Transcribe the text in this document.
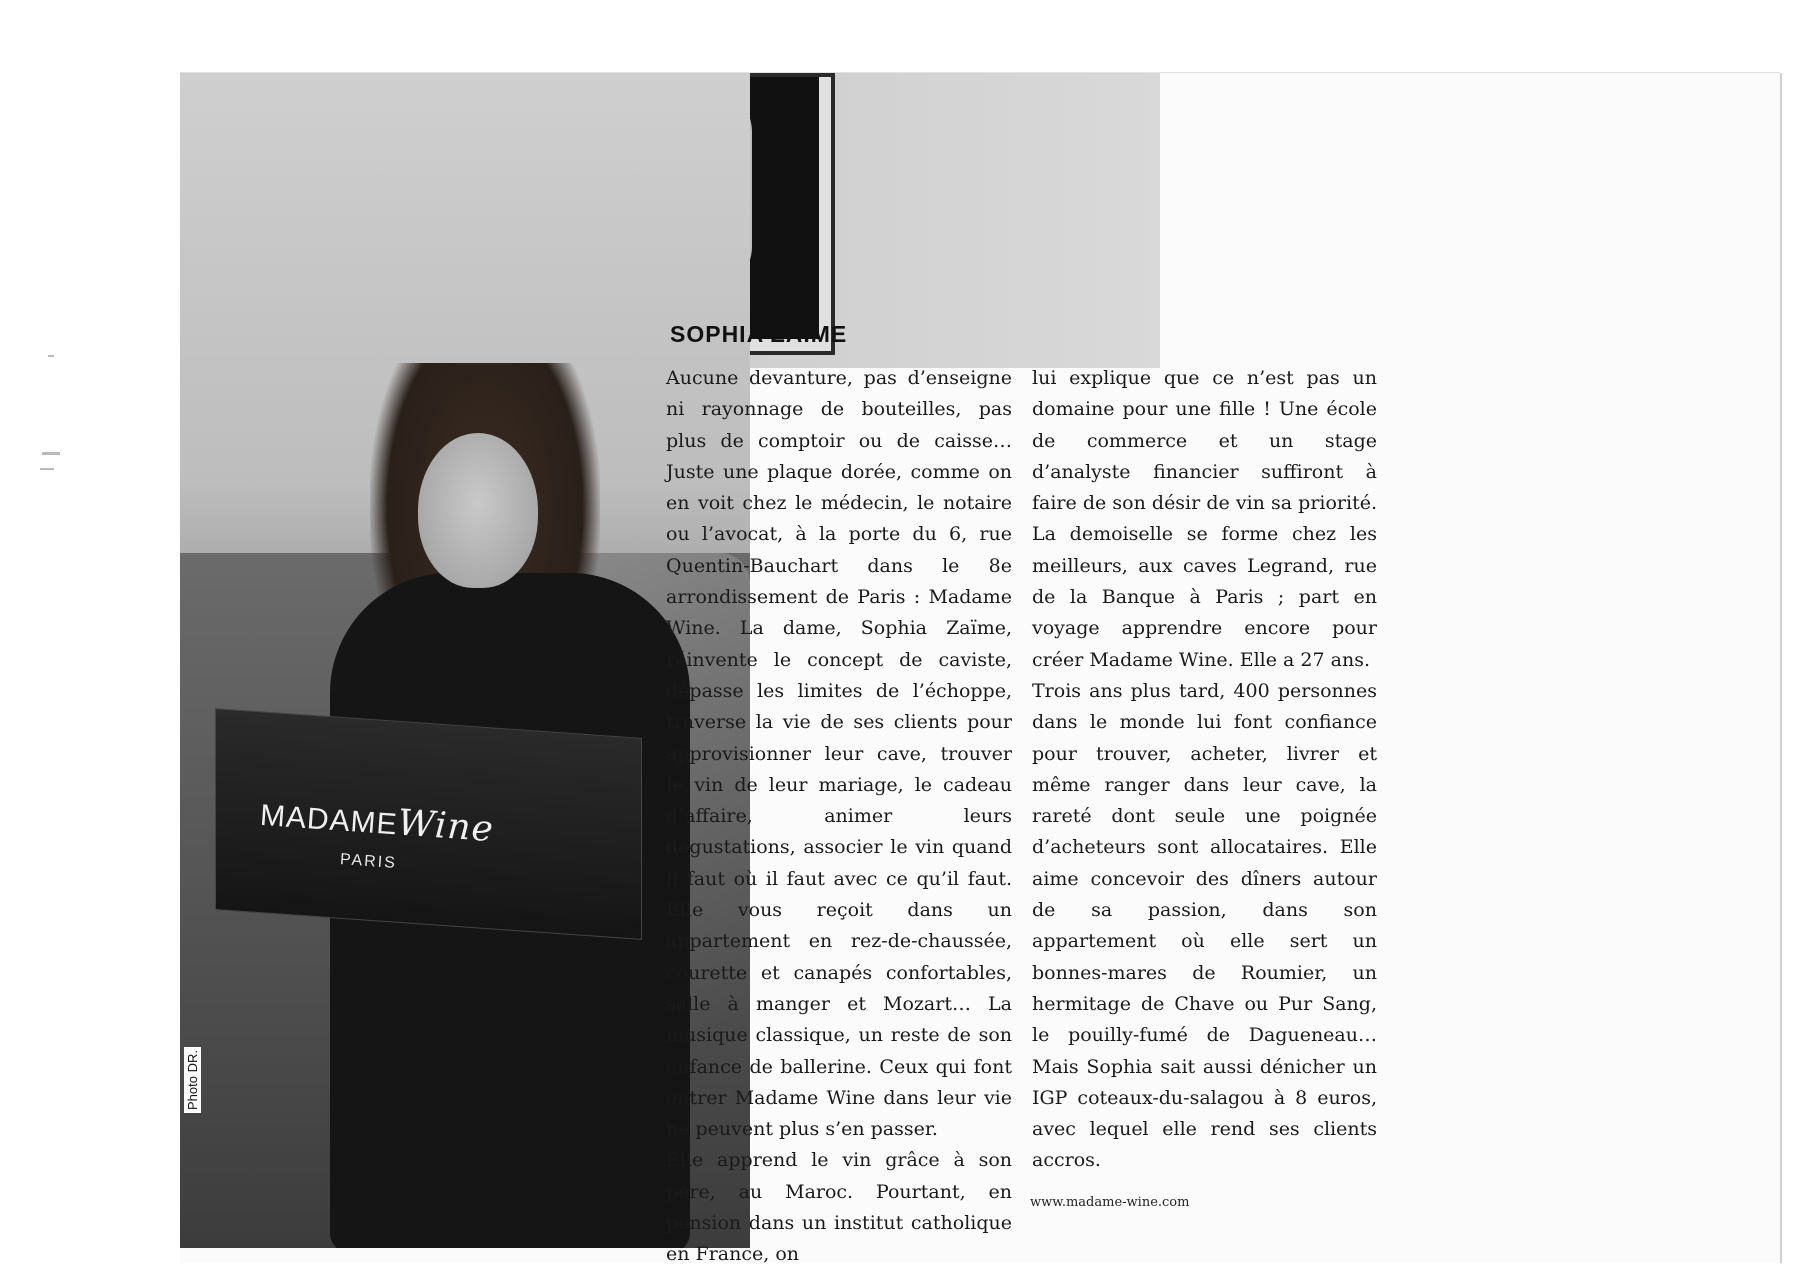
MADAMEWine
PARIS
Photo DR.
SOPHIA ZAÏME

Aucune devanture, pas d’enseigne ni rayonnage de bouteilles, pas plus de comptoir ou de caisse… Juste une plaque dorée, comme on en voit chez le médecin, le notaire ou l’avocat, à la porte du 6, rue Quentin-Bauchart dans le 8e arrondissement de Paris : Madame Wine. La dame, Sophia Zaïme, réinvente le concept de caviste, dépasse les limites de l’échoppe, traverse la vie de ses clients pour approvisionner leur cave, trouver le vin de leur mariage, le cadeau d’affaire, animer leurs dégustations, associer le vin quand il faut où il faut avec ce qu’il faut. Elle vous reçoit dans un appartement en rez-de-chaussée, courette et canapés confortables, salle à manger et Mozart… La musique classique, un reste de son enfance de ballerine. Ceux qui font entrer Madame Wine dans leur vie ne peuvent plus s’en passer.

Elle apprend le vin grâce à son père, au Maroc. Pourtant, en pension dans un institut catholique en France, on

lui explique que ce n’est pas un domaine pour une fille ! Une école de commerce et un stage d’analyste financier suffiront à faire de son désir de vin sa priorité. La demoiselle se forme chez les meilleurs, aux caves Legrand, rue de la Banque à Paris ; part en voyage apprendre encore pour créer Madame Wine. Elle a 27 ans.

Trois ans plus tard, 400 personnes dans le monde lui font confiance pour trouver, acheter, livrer et même ranger dans leur cave, la rareté dont seule une poignée d’acheteurs sont allocataires. Elle aime concevoir des dîners autour de sa passion, dans son appartement où elle sert un bonnes-mares de Roumier, un hermitage de Chave ou Pur Sang, le pouilly-fumé de Dagueneau… Mais Sophia sait aussi dénicher un IGP coteaux-du-salagou à 8 euros, avec lequel elle rend ses clients accros.

www.madame-wine.com
